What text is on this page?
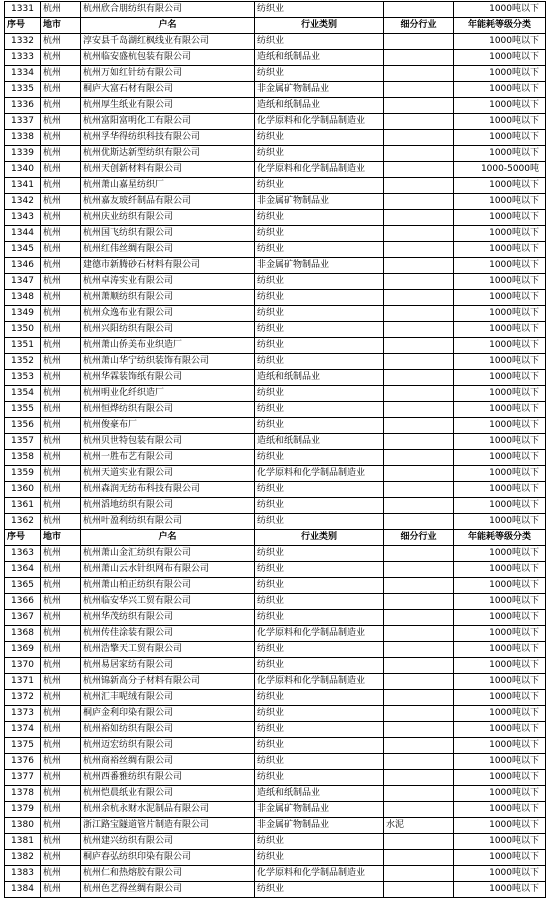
1331	杭州	杭州欣合朋纺织有限公司	纺织业		1000吨以下
序号	地市	户名	行业类别	细分行业	年能耗等级分类
1332	杭州	淳安县千岛湖红枫线业有限公司	纺织业		1000吨以下
1333	杭州	杭州临安盛杭包装有限公司	造纸和纸制品业		1000吨以下
1334	杭州	杭州万如红针纺有限公司	纺织业		1000吨以下
1335	杭州	桐庐大富石材有限公司	非金属矿物制品业		1000吨以下
1336	杭州	杭州厚生纸业有限公司	造纸和纸制品业		1000吨以下
1337	杭州	杭州富阳富明化工有限公司	化学原料和化学制品制造业		1000吨以下
1338	杭州	杭州孚华得纺织科技有限公司	纺织业		1000吨以下
1339	杭州	杭州优斯达新型纺织有限公司	纺织业		1000吨以下
1340	杭州	杭州天创新材料有限公司	化学原料和化学制品制造业		1000-5000吨
1341	杭州	杭州萧山嘉星纺织厂	纺织业		1000吨以下
1342	杭州	杭州嘉友玻纤制品有限公司	非金属矿物制品业		1000吨以下
1343	杭州	杭州庆业纺织有限公司	纺织业		1000吨以下
1344	杭州	杭州国飞纺织有限公司	纺织业		1000吨以下
1345	杭州	杭州红伟丝绸有限公司	纺织业		1000吨以下
1346	杭州	建德市新腾砂石材料有限公司	非金属矿物制品业		1000吨以下
1347	杭州	杭州卓涛实业有限公司	纺织业		1000吨以下
1348	杭州	杭州萧顺纺织有限公司	纺织业		1000吨以下
1349	杭州	杭州众逸布业有限公司	纺织业		1000吨以下
1350	杭州	杭州兴阳纺织有限公司	纺织业		1000吨以下
1351	杭州	杭州萧山侨美布业织造厂	纺织业		1000吨以下
1352	杭州	杭州萧山华宁纺织装饰有限公司	纺织业		1000吨以下
1353	杭州	杭州华霖装饰纸有限公司	造纸和纸制品业		1000吨以下
1354	杭州	杭州明业化纤织造厂	纺织业		1000吨以下
1355	杭州	杭州恒烨纺织有限公司	纺织业		1000吨以下
1356	杭州	杭州俊豪布厂	纺织业		1000吨以下
1357	杭州	杭州贝世特包装有限公司	造纸和纸制品业		1000吨以下
1358	杭州	杭州一胜布艺有限公司	纺织业		1000吨以下
1359	杭州	杭州天道实业有限公司	化学原料和化学制品制造业		1000吨以下
1360	杭州	杭州森润无纺布科技有限公司	纺织业		1000吨以下
1361	杭州	杭州滔地纺织有限公司	纺织业		1000吨以下
1362	杭州	杭州叶盈利纺织有限公司	纺织业		1000吨以下
序号	地市	户名	行业类别	细分行业	年能耗等级分类
1363	杭州	杭州萧山金汇纺织有限公司	纺织业		1000吨以下
1364	杭州	杭州萧山云水针织网布有限公司	纺织业		1000吨以下
1365	杭州	杭州萧山柏正纺织有限公司	纺织业		1000吨以下
1366	杭州	杭州临安华兴工贸有限公司	纺织业		1000吨以下
1367	杭州	杭州华茂纺织有限公司	纺织业		1000吨以下
1368	杭州	杭州传佳涂装有限公司	化学原料和化学制品制造业		1000吨以下
1369	杭州	杭州浩擎天工贸有限公司	纺织业		1000吨以下
1370	杭州	杭州易居家纺有限公司	纺织业		1000吨以下
1371	杭州	杭州锦新高分子材料有限公司	化学原料和化学制品制造业		1000吨以下
1372	杭州	杭州汇丰呢绒有限公司	纺织业		1000吨以下
1373	杭州	桐庐金利印染有限公司	纺织业		1000吨以下
1374	杭州	杭州裕如纺织有限公司	纺织业		1000吨以下
1375	杭州	杭州迈宏纺织有限公司	纺织业		1000吨以下
1376	杭州	杭州商裕丝绸有限公司	纺织业		1000吨以下
1377	杭州	杭州西番雅纺织有限公司	纺织业		1000吨以下
1378	杭州	杭州恺晨纸业有限公司	造纸和纸制品业		1000吨以下
1379	杭州	杭州余杭永财水泥制品有限公司	非金属矿物制品业		1000吨以下
1380	杭州	浙江路宝隧道管片制造有限公司	非金属矿物制品业	水泥	1000吨以下
1381	杭州	杭州建兴纺织有限公司	纺织业		1000吨以下
1382	杭州	桐庐春弘纺织印染有限公司	纺织业		1000吨以下
1383	杭州	杭州仁和热熔胶有限公司	化学原料和化学制品制造业		1000吨以下
1384	杭州	杭州色艺得丝绸有限公司	纺织业		1000吨以下
